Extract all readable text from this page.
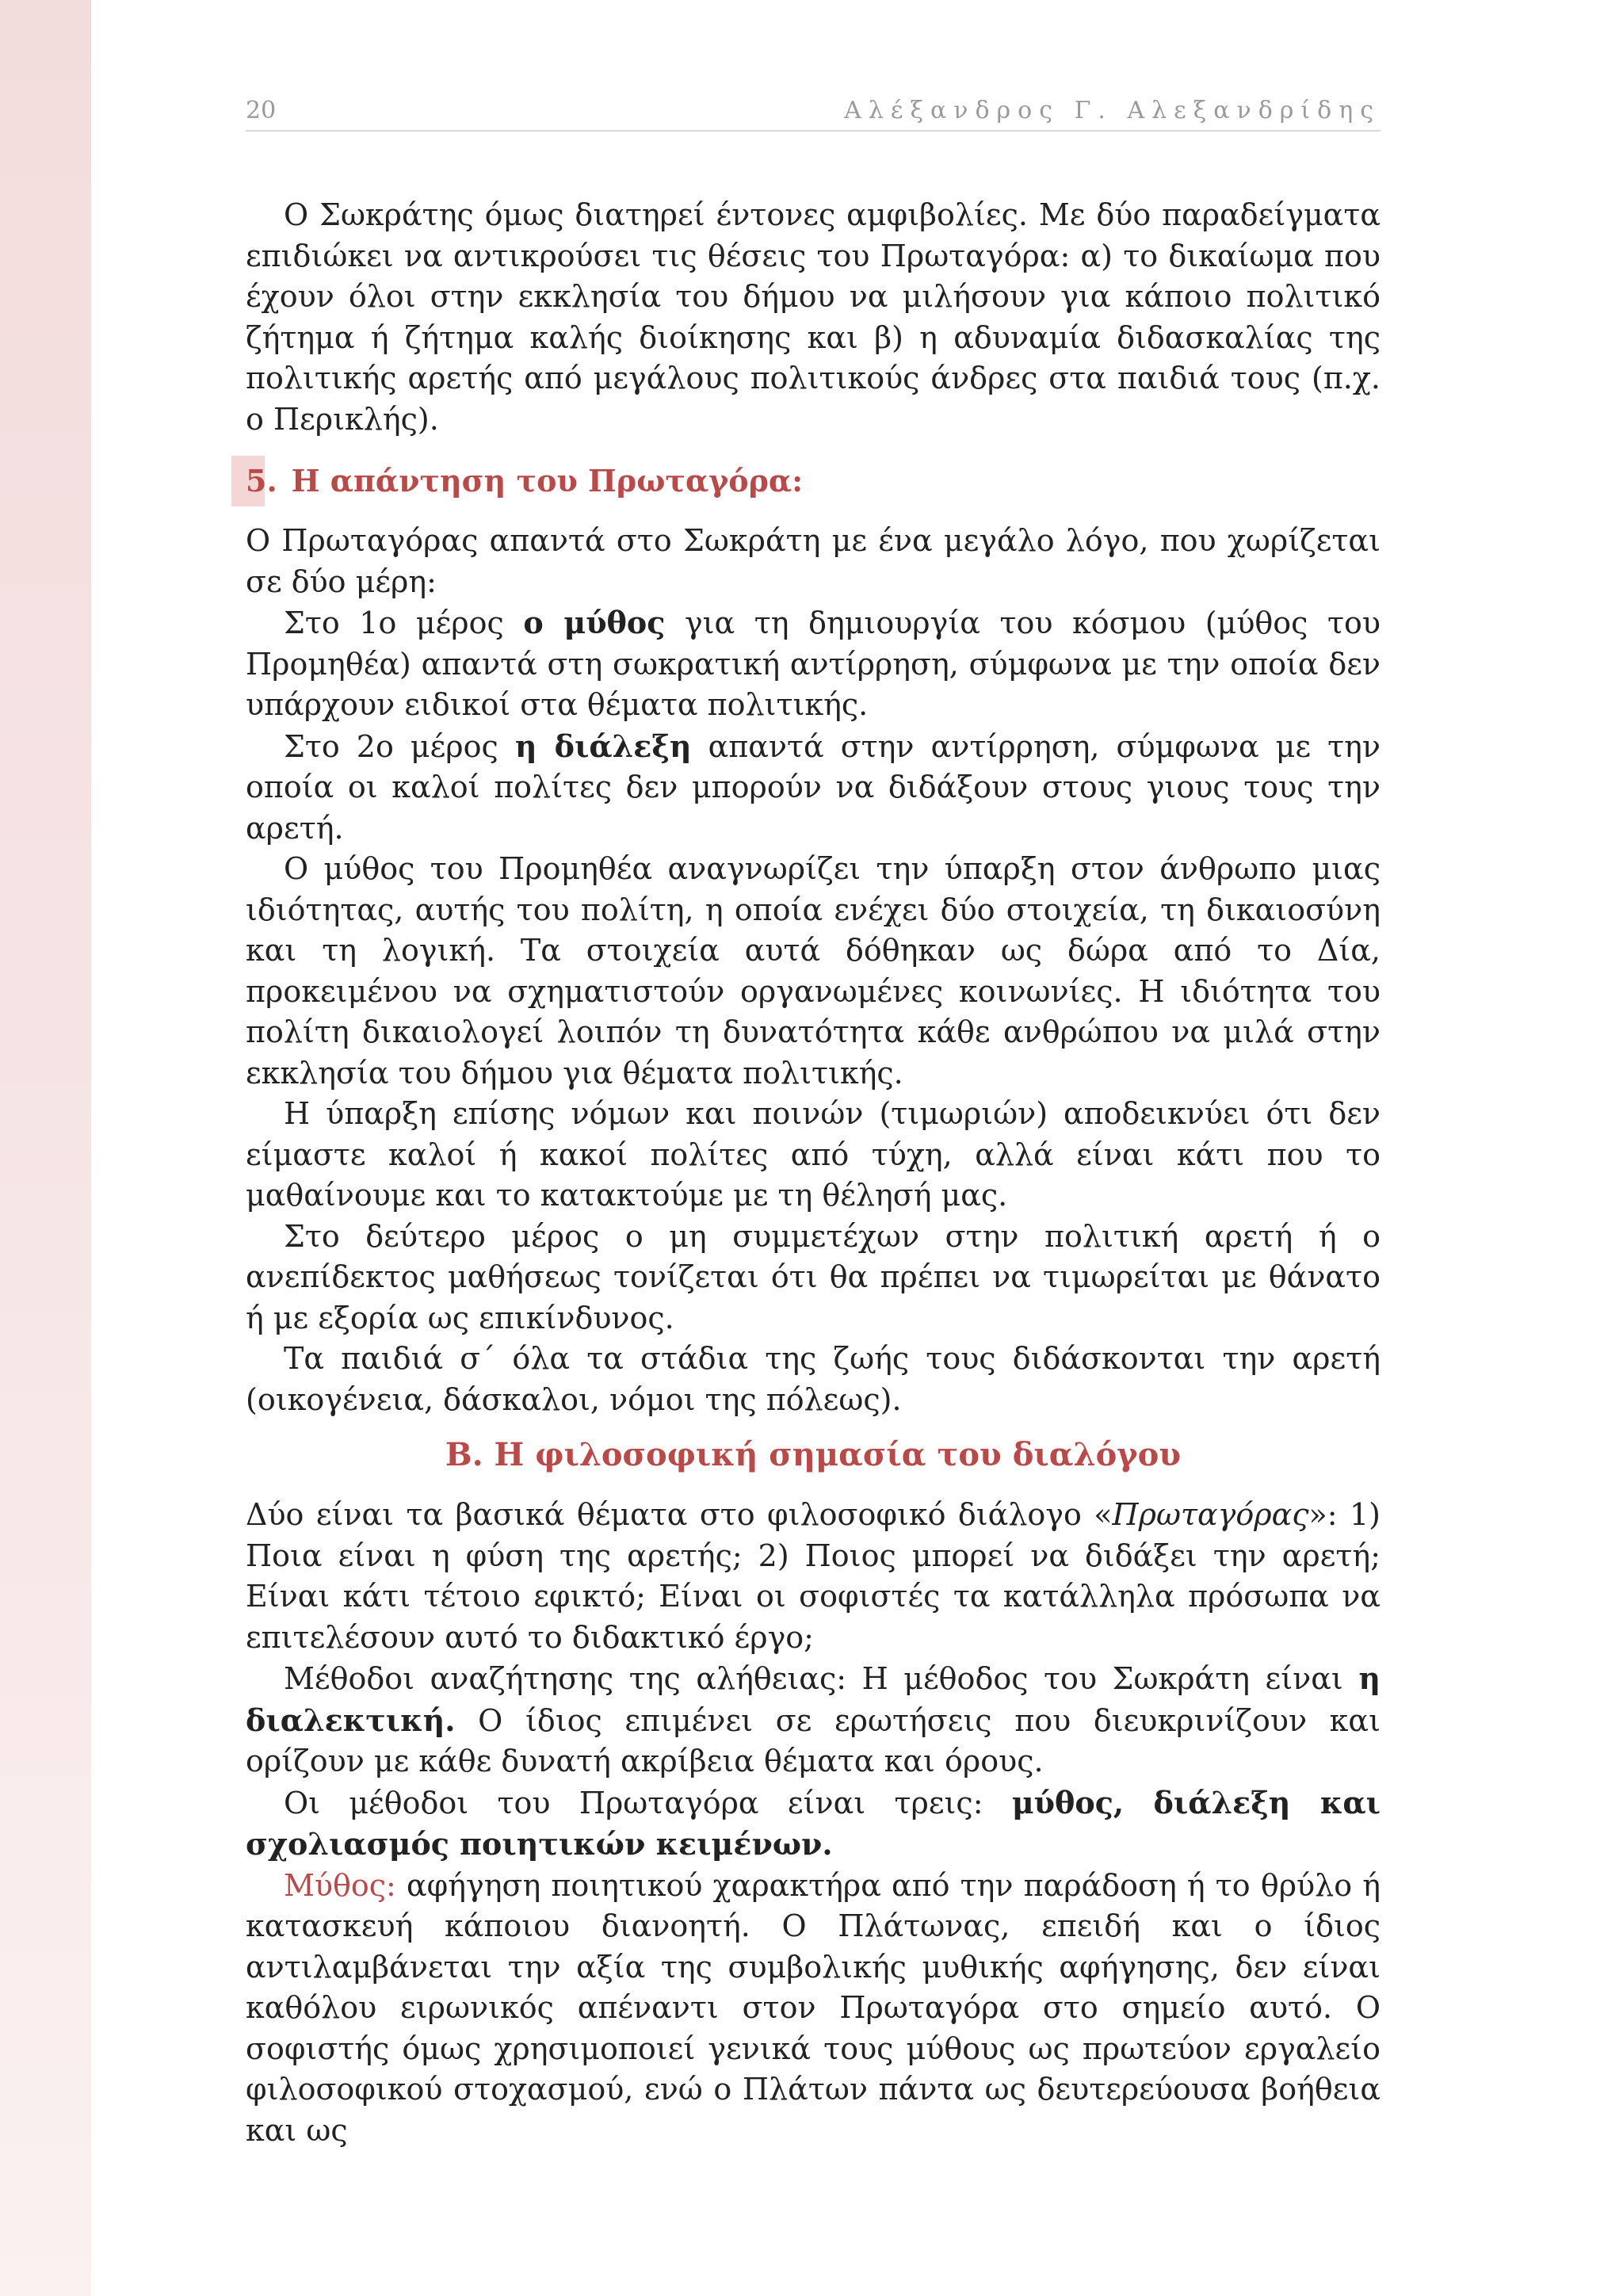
20	Αλέξανδρος Γ. Αλεξανδρίδης

Ο Σωκράτης όμως διατηρεί έντονες αμφιβολίες. Με δύο παραδείγματα επιδιώκει να αντικρούσει τις θέσεις του Πρωταγόρα: α) το δικαίωμα που έχουν όλοι στην εκκλησία του δήμου να μιλήσουν για κάποιο πολιτικό ζήτημα ή ζήτημα καλής διοίκησης και β) η αδυναμία διδασκαλίας της πολιτικής αρετής από μεγάλους πολιτικούς άνδρες στα παιδιά τους (π.χ. ο Περικλής).

5. Η απάντηση του Πρωταγόρα:

Ο Πρωταγόρας απαντά στο Σωκράτη με ένα μεγάλο λόγο, που χωρίζεται σε δύο μέρη:

Στο 1ο μέρος ο μύθος για τη δημιουργία του κόσμου (μύθος του Προμηθέα) απαντά στη σωκρατική αντίρρηση, σύμφωνα με την οποία δεν υπάρχουν ειδικοί στα θέματα πολιτικής.

Στο 2ο μέρος η διάλεξη απαντά στην αντίρρηση, σύμφωνα με την οποία οι καλοί πολίτες δεν μπορούν να διδάξουν στους γιους τους την αρετή.

Ο μύθος του Προμηθέα αναγνωρίζει την ύπαρξη στον άνθρωπο μιας ιδιότητας, αυτής του πολίτη, η οποία ενέχει δύο στοιχεία, τη δικαιοσύνη και τη λογική. Τα στοιχεία αυτά δόθηκαν ως δώρα από το Δία, προκειμένου να σχηματιστούν οργανωμένες κοινωνίες. Η ιδιότητα του πολίτη δικαιολογεί λοιπόν τη δυνατότητα κάθε ανθρώπου να μιλά στην εκκλησία του δήμου για θέματα πολιτικής.

Η ύπαρξη επίσης νόμων και ποινών (τιμωριών) αποδεικνύει ότι δεν είμαστε καλοί ή κακοί πολίτες από τύχη, αλλά είναι κάτι που το μαθαίνουμε και το κατακτούμε με τη θέλησή μας.

Στο δεύτερο μέρος ο μη συμμετέχων στην πολιτική αρετή ή ο ανεπίδεκτος μαθήσεως τονίζεται ότι θα πρέπει να τιμωρείται με θάνατο ή με εξορία ως επικίνδυνος.

Τα παιδιά σ΄ όλα τα στάδια της ζωής τους διδάσκονται την αρετή (οικογένεια, δάσκαλοι, νόμοι της πόλεως).

Β. Η φιλοσοφική σημασία του διαλόγου

Δύο είναι τα βασικά θέματα στο φιλοσοφικό διάλογο «Πρωταγόρας»: 1) Ποια είναι η φύση της αρετής; 2) Ποιος μπορεί να διδάξει την αρετή; Είναι κάτι τέτοιο εφικτό; Είναι οι σοφιστές τα κατάλληλα πρόσωπα να επιτελέσουν αυτό το διδακτικό έργο;

Μέθοδοι αναζήτησης της αλήθειας: Η μέθοδος του Σωκράτη είναι η διαλεκτική. Ο ίδιος επιμένει σε ερωτήσεις που διευκρινίζουν και ορίζουν με κάθε δυνατή ακρίβεια θέματα και όρους.

Οι μέθοδοι του Πρωταγόρα είναι τρεις: μύθος, διάλεξη και σχολιασμός ποιητικών κειμένων.

Μύθος: αφήγηση ποιητικού χαρακτήρα από την παράδοση ή το θρύλο ή κατασκευή κάποιου διανοητή. Ο Πλάτωνας, επειδή και ο ίδιος αντιλαμβάνεται την αξία της συμβολικής μυθικής αφήγησης, δεν είναι καθόλου ειρωνικός απέναντι στον Πρωταγόρα στο σημείο αυτό. Ο σοφιστής όμως χρησιμοποιεί γενικά τους μύθους ως πρωτεύον εργαλείο φιλοσοφικού στοχασμού, ενώ ο Πλάτων πάντα ως δευτερεύουσα βοήθεια και ως
